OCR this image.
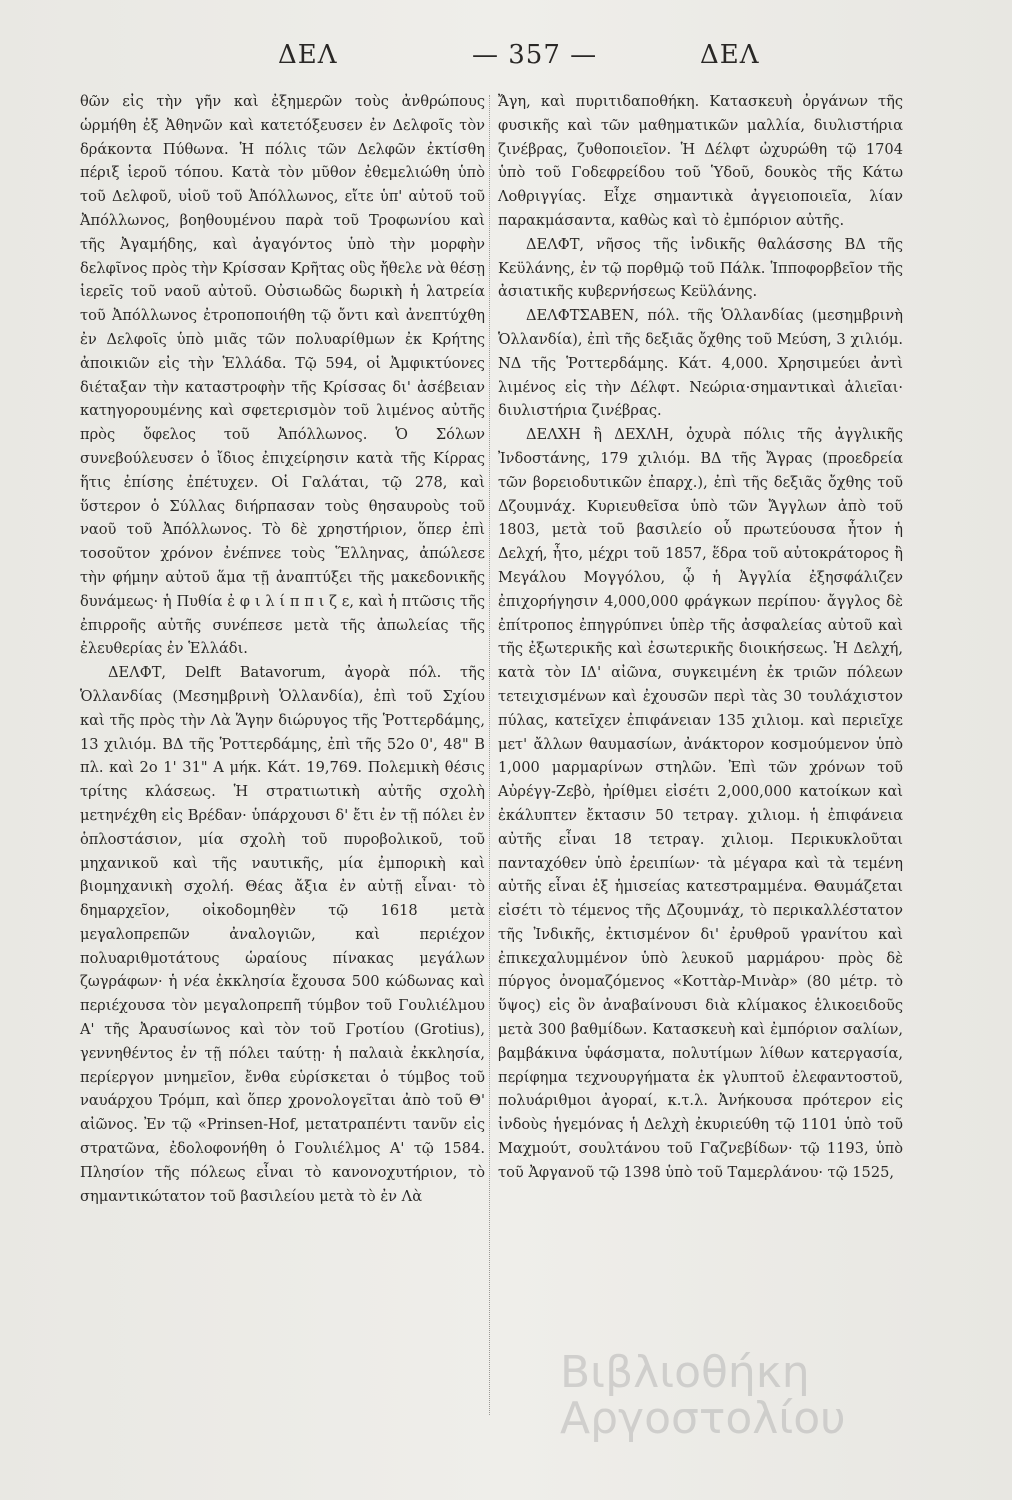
ΔΕΛ	— 357 —	ΔΕΛ

θῶν εἰς τὴν γῆν καὶ ἐξημερῶν τοὺς ἀνθρώπους ὡρμήθη ἐξ Ἀθηνῶν καὶ κατετόξευσεν ἐν Δελφοῖς τὸν δράκοντα Πύθωνα. Ἡ πόλις τῶν Δελφῶν ἐκτίσθη πέριξ ἱεροῦ τόπου. Κατὰ τὸν μῦθον ἐθεμελιώθη ὑπὸ τοῦ Δελφοῦ, υἱοῦ τοῦ Ἀπόλλωνος, εἴτε ὑπ' αὐτοῦ τοῦ Ἀπόλλωνος, βοηθουμένου παρὰ τοῦ Τροφωνίου καὶ τῆς Ἀγαμήδης, καὶ ἀγαγόντος ὑπὸ τὴν μορφὴν δελφῖνος πρὸς τὴν Κρίσσαν Κρῆτας οὓς ἤθελε νὰ θέσῃ ἱερεῖς τοῦ ναοῦ αὐτοῦ. Οὐσιωδῶς δωρικὴ ἡ λατρεία τοῦ Ἀπόλλωνος ἐτροποποιήθη τῷ ὄντι καὶ ἀνεπτύχθη ἐν Δελφοῖς ὑπὸ μιᾶς τῶν πολυαρίθμων ἐκ Κρήτης ἀποικιῶν εἰς τὴν Ἑλλάδα. Τῷ 594, οἱ Ἀμφικτύονες διέταξαν τὴν καταστροφὴν τῆς Κρίσσας δι' ἀσέβειαν κατηγορουμένης καὶ σφετερισμὸν τοῦ λιμένος αὐτῆς πρὸς ὄφελος τοῦ Ἀπόλλωνος. Ὁ Σόλων συνεβούλευσεν ὁ ἴδιος ἐπιχείρησιν κατὰ τῆς Κίρρας ἥτις ἐπίσης ἐπέτυχεν. Οἱ Γαλάται, τῷ 278, καὶ ὕστερον ὁ Σύλλας διήρπασαν τοὺς θησαυροὺς τοῦ ναοῦ τοῦ Ἀπόλλωνος. Τὸ δὲ χρηστήριον, ὅπερ ἐπὶ τοσοῦτον χρόνον ἐνέπνεε τοὺς Ἕλληνας, ἀπώλεσε τὴν φήμην αὐτοῦ ἅμα τῇ ἀναπτύξει τῆς μακεδονικῆς δυνάμεως· ἡ Πυθία ἐ φ ι λ ί π π ι ζ ε, καὶ ἡ πτῶσις τῆς ἐπιρροῆς αὐτῆς συνέπεσε μετὰ τῆς ἀπωλείας τῆς ἐλευθερίας ἐν Ἑλλάδι.

ΔΕΛΦΤ, Delft Batavorum, ἀγορὰ πόλ. τῆς Ὁλλανδίας (Μεσημβρινὴ Ὁλλανδία), ἐπὶ τοῦ Σχίου καὶ τῆς πρὸς τὴν Λὰ Ἅγην διώρυγος τῆς Ῥοττερδάμης, 13 χιλιόμ. ΒΔ τῆς Ῥοττερδάμης, ἐπὶ τῆς 52ο 0', 48" Β πλ. καὶ 2ο 1' 31" Α μήκ. Κάτ. 19,769. Πολεμικὴ θέσις τρίτης κλάσεως. Ἡ στρατιωτικὴ αὐτῆς σχολὴ μετηνέχθη εἰς Βρέδαν· ὑπάρχουσι δ' ἔτι ἐν τῇ πόλει ἐν ὁπλοστάσιον, μία σχολὴ τοῦ πυροβολικοῦ, τοῦ μηχανικοῦ καὶ τῆς ναυτικῆς, μία ἐμπορικὴ καὶ βιομηχανικὴ σχολή. Θέας ἄξια ἐν αὐτῇ εἶναι· τὸ δημαρχεῖον, οἰκοδομηθὲν τῷ 1618 μετὰ μεγαλοπρεπῶν ἀναλογιῶν, καὶ περιέχον πολυαριθμοτάτους ὡραίους πίνακας μεγάλων ζωγράφων· ἡ νέα ἐκκλησία ἔχουσα 500 κώδωνας καὶ περιέχουσα τὸν μεγαλοπρεπῆ τύμβον τοῦ Γουλιέλμου Α' τῆς Ἀραυσίωνος καὶ τὸν τοῦ Γροτίου (Grotius), γεννηθέντος ἐν τῇ πόλει ταύτῃ· ἡ παλαιὰ ἐκκλησία, περίεργον μνημεῖον, ἔνθα εὑρίσκεται ὁ τύμβος τοῦ ναυάρχου Τρόμπ, καὶ ὅπερ χρονολογεῖται ἀπὸ τοῦ Θ' αἰῶνος. Ἐν τῷ «Prinsen-Hof, μετατραπέντι τανῦν εἰς στρατῶνα, ἐδολοφονήθη ὁ Γουλιέλμος Α' τῷ 1584. Πλησίον τῆς πόλεως εἶναι τὸ κανονοχυτήριον, τὸ σημαντικώτατον τοῦ βασιλείου μετὰ τὸ ἐν Λὰ

Ἄγη, καὶ πυριτιδαποθήκη. Κατασκευὴ ὀργάνων τῆς φυσικῆς καὶ τῶν μαθηματικῶν μαλλία, διυλιστήρια ζινέβρας, ζυθοποιεῖον. Ἡ Δέλφτ ὠχυρώθη τῷ 1704 ὑπὸ τοῦ Γοδεφρείδου τοῦ Ὑδοῦ, δουκὸς τῆς Κάτω Λοθριγγίας. Εἶχε σημαντικὰ ἀγγειοποιεῖα, λίαν παρακμάσαντα, καθὼς καὶ τὸ ἐμπόριον αὐτῆς.

ΔΕΛΦΤ, νῆσος τῆς ἰνδικῆς θαλάσσης ΒΔ τῆς Κεϋλάνης, ἐν τῷ πορθμῷ τοῦ Πάλκ. Ἱπποφορβεῖον τῆς ἀσιατικῆς κυβερνήσεως Κεϋλάνης.

ΔΕΛΦΤΣΑΒΕΝ, πόλ. τῆς Ὁλλανδίας (μεσημβρινὴ Ὁλλανδία), ἐπὶ τῆς δεξιᾶς ὄχθης τοῦ Μεύση, 3 χιλιόμ. ΝΔ τῆς Ῥοττερδάμης. Κάτ. 4,000. Χρησιμεύει ἀντὶ λιμένος εἰς τὴν Δέλφτ. Νεώρια·σημαντικαὶ ἁλιεῖαι· διυλιστήρια ζινέβρας.

ΔΕΛΧΗ ἢ ΔΕΧΛΗ, ὀχυρὰ πόλις τῆς ἀγγλικῆς Ἰνδοστάνης, 179 χιλιόμ. ΒΔ τῆς Ἄγρας (προεδρεία τῶν βορειοδυτικῶν ἐπαρχ.), ἐπὶ τῆς δεξιᾶς ὄχθης τοῦ Δζουμνάχ. Κυριευθεῖσα ὑπὸ τῶν Ἄγγλων ἀπὸ τοῦ 1803, μετὰ τοῦ βασιλείο οὗ πρωτεύουσα ἦτον ἡ Δελχή, ἦτο, μέχρι τοῦ 1857, ἕδρα τοῦ αὐτοκράτορος ἢ Μεγάλου Μογγόλου, ᾧ ἡ Ἀγγλία ἐξησφάλιζεν ἐπιχορήγησιν 4,000,000 φράγκων περίπου· ἄγγλος δὲ ἐπίτροπος ἐπηγρύπνει ὑπὲρ τῆς ἀσφαλείας αὐτοῦ καὶ τῆς ἐξωτερικῆς καὶ ἐσωτερικῆς διοικήσεως. Ἡ Δελχή, κατὰ τὸν ΙΔ' αἰῶνα, συγκειμένη ἐκ τριῶν πόλεων τετειχισμένων καὶ ἐχουσῶν περὶ τὰς 30 τουλάχιστον πύλας, κατεῖχεν ἐπιφάνειαν 135 χιλιομ. καὶ περιεῖχε μετ' ἄλλων θαυμασίων, ἀνάκτορον κοσμούμενον ὑπὸ 1,000 μαρμαρίνων στηλῶν. Ἐπὶ τῶν χρόνων τοῦ Αὐρέγγ-Ζεβὸ, ἠρίθμει εἰσέτι 2,000,000 κατοίκων καὶ ἐκάλυπτεν ἔκτασιν 50 τετραγ. χιλιομ. ἡ ἐπιφάνεια αὐτῆς εἶναι 18 τετραγ. χιλιομ. Περικυκλοῦται πανταχόθεν ὑπὸ ἐρειπίων· τὰ μέγαρα καὶ τὰ τεμένη αὐτῆς εἶναι ἐξ ἡμισείας κατεστραμμένα. Θαυμάζεται εἰσέτι τὸ τέμενος τῆς Δζουμνάχ, τὸ περικαλλέστατον τῆς Ἰνδικῆς, ἐκτισμένον δι' ἐρυθροῦ γρανίτου καὶ ἐπικεχαλυμμένον ὑπὸ λευκοῦ μαρμάρου· πρὸς δὲ πύργος ὀνομαζόμενος «Κοττὰρ-Μινὰρ» (80 μέτρ. τὸ ὕψος) εἰς ὃν ἀναβαίνουσι διὰ κλίμακος ἑλικοειδοῦς μετὰ 300 βαθμίδων. Κατασκευὴ καὶ ἐμπόριον σαλίων, βαμβάκινα ὑφάσματα, πολυτίμων λίθων κατεργασία, περίφημα τεχνουργήματα ἐκ γλυπτοῦ ἐλεφαντοστοῦ, πολυάριθμοι ἀγοραί, κ.τ.λ. Ἀνήκουσα πρότερον εἰς ἰνδοὺς ἡγεμόνας ἡ Δελχὴ ἐκυριεύθη τῷ 1101 ὑπὸ τοῦ Μαχμούτ, σουλτάνου τοῦ Γαζνεβίδων· τῷ 1193, ὑπὸ τοῦ Ἀφγανοῦ τῷ 1398 ὑπὸ τοῦ Ταμερλάνου· τῷ 1525,

Βιβλιοθήκη Αργοστολίου
